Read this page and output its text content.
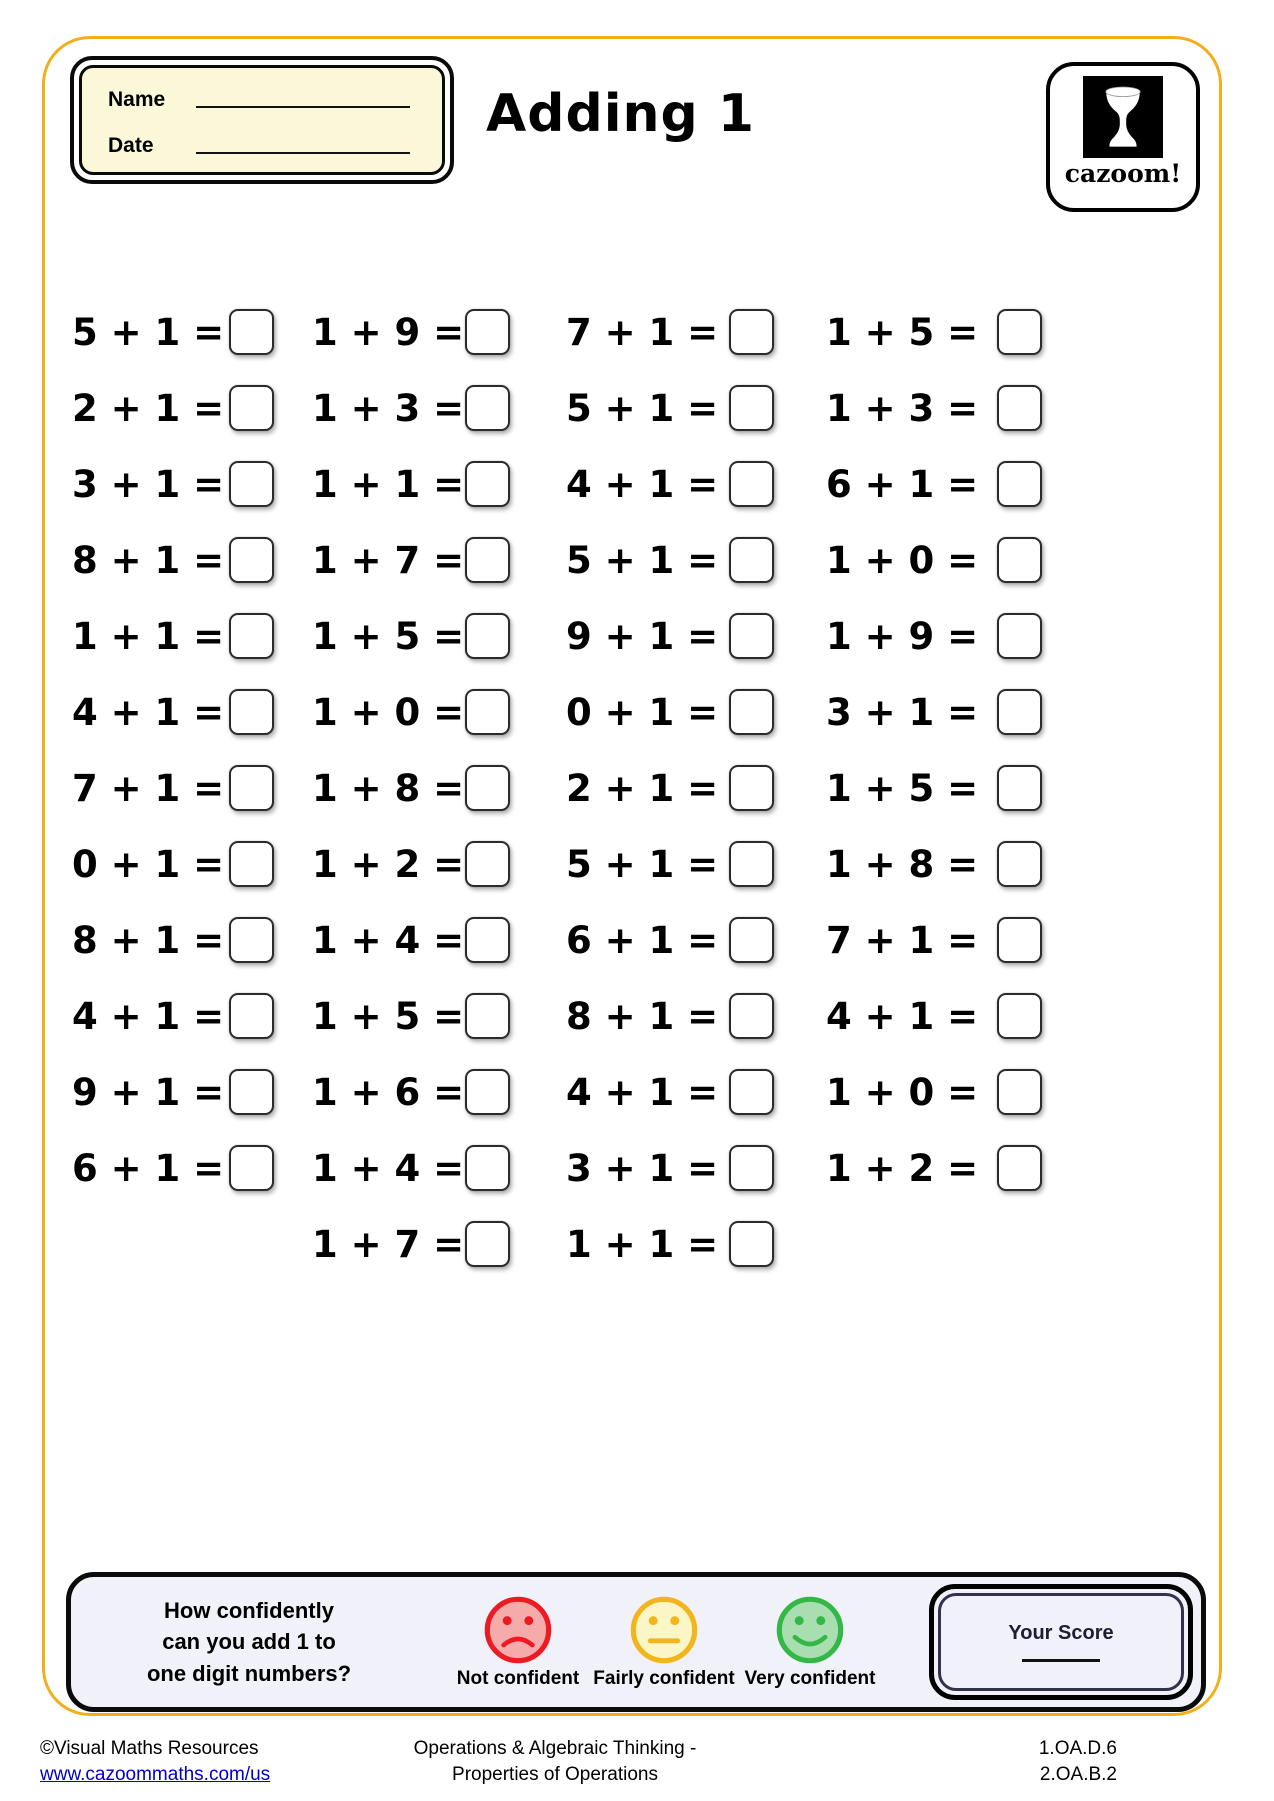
Name
Date
Adding 1
cazoom!
5 + 1 =
2 + 1 =
3 + 1 =
8 + 1 =
1 + 1 =
4 + 1 =
7 + 1 =
0 + 1 =
8 + 1 =
4 + 1 =
9 + 1 =
6 + 1 =
1 + 9 =
1 + 3 =
1 + 1 =
1 + 7 =
1 + 5 =
1 + 0 =
1 + 8 =
1 + 2 =
1 + 4 =
1 + 5 =
1 + 6 =
1 + 4 =
1 + 7 =
7 + 1 =
5 + 1 =
4 + 1 =
5 + 1 =
9 + 1 =
0 + 1 =
2 + 1 =
5 + 1 =
6 + 1 =
8 + 1 =
4 + 1 =
3 + 1 =
1 + 1 =
1 + 5 =
1 + 3 =
6 + 1 =
1 + 0 =
1 + 9 =
3 + 1 =
1 + 5 =
1 + 8 =
7 + 1 =
4 + 1 =
1 + 0 =
1 + 2 =
How confidently
can you add 1 to
one digit numbers?	Not confident Fairly confident Very confident
Your Score
©Visual Maths Resources
www.cazoommaths.com/us
Operations & Algebraic Thinking -
Properties of Operations
1.OA.D.6
2.OA.B.2
